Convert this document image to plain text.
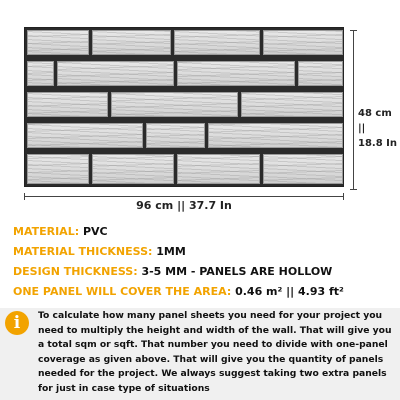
48 cm ||
18.8 In
96 cm || 37.7 In
MATERIAL: PVC
MATERIAL THICKNESS: 1MM
DESIGN THICKNESS: 3-5 MM - PANELS ARE HOLLOW
ONE PANEL WILL COVER THE AREA: 0.46 m² || 4.93 ft²
i	To calculate how many panel sheets you need for your project you need to multiply the height and width of the wall. That will give you a total sqm or sqft. That number you need to divide with one-panel coverage as given above. That will give you the quantity of panels needed for the project. We always suggest taking two extra panels for just in case type of situations
